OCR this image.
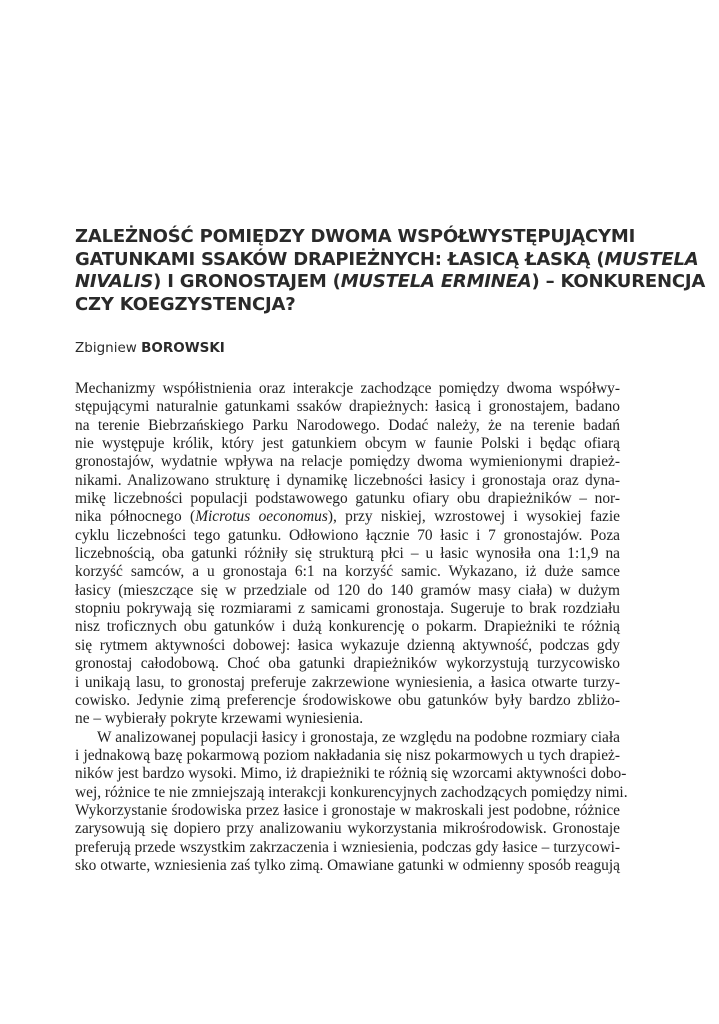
ZALEŻNOŚĆ POMIĘDZY DWOMA WSPÓŁWYSTĘPUJĄCYMI
GATUNKAMI SSAKÓW DRAPIEŻNYCH: ŁASICĄ ŁASKĄ (MUSTELA
NIVALIS) I GRONOSTAJEM (MUSTELA ERMINEA) – KONKURENCJA
CZY KOEGZYSTENCJA?
Zbigniew BOROWSKI
Mechanizmy współistnienia oraz interakcje zachodzące pomiędzy dwoma współwy-
stępującymi naturalnie gatunkami ssaków drapieżnych: łasicą i gronostajem, badano
na terenie Biebrzańskiego Parku Narodowego. Dodać należy, że na terenie badań
nie występuje królik, który jest gatunkiem obcym w faunie Polski i będąc ofiarą
gronostajów, wydatnie wpływa na relacje pomiędzy dwoma wymienionymi drapież-
nikami. Analizowano strukturę i dynamikę liczebności łasicy i gronostaja oraz dyna-
mikę liczebności populacji podstawowego gatunku ofiary obu drapieżników – nor-
nika północnego (Microtus oeconomus), przy niskiej, wzrostowej i wysokiej fazie
cyklu liczebności tego gatunku. Odłowiono łącznie 70 łasic i 7 gronostajów. Poza
liczebnością, oba gatunki różniły się strukturą płci – u łasic wynosiła ona 1:1,9 na
korzyść samców, a u gronostaja 6:1 na korzyść samic. Wykazano, iż duże samce
łasicy (mieszczące się w przedziale od 120 do 140 gramów masy ciała) w dużym
stopniu pokrywają się rozmiarami z samicami gronostaja. Sugeruje to brak rozdziału
nisz troficznych obu gatunków i dużą konkurencję o pokarm. Drapieżniki te różnią
się rytmem aktywności dobowej: łasica wykazuje dzienną aktywność, podczas gdy
gronostaj całodobową. Choć oba gatunki drapieżników wykorzystują turzycowisko
i unikają lasu, to gronostaj preferuje zakrzewione wyniesienia, a łasica otwarte turzy-
cowisko. Jedynie zimą preferencje środowiskowe obu gatunków były bardzo zbliżo-
ne – wybierały pokryte krzewami wyniesienia.
W analizowanej populacji łasicy i gronostaja, ze względu na podobne rozmiary ciała
i jednakową bazę pokarmową poziom nakładania się nisz pokarmowych u tych drapież-
ników jest bardzo wysoki. Mimo, iż drapieżniki te różnią się wzorcami aktywności dobo-
wej, różnice te nie zmniejszają interakcji konkurencyjnych zachodzących pomiędzy nimi.
Wykorzystanie środowiska przez łasice i gronostaje w makroskali jest podobne, różnice
zarysowują się dopiero przy analizowaniu wykorzystania mikrośrodowisk. Gronostaje
preferują przede wszystkim zakrzaczenia i wzniesienia, podczas gdy łasice – turzycowi-
sko otwarte, wzniesienia zaś tylko zimą. Omawiane gatunki w odmienny sposób reagują
